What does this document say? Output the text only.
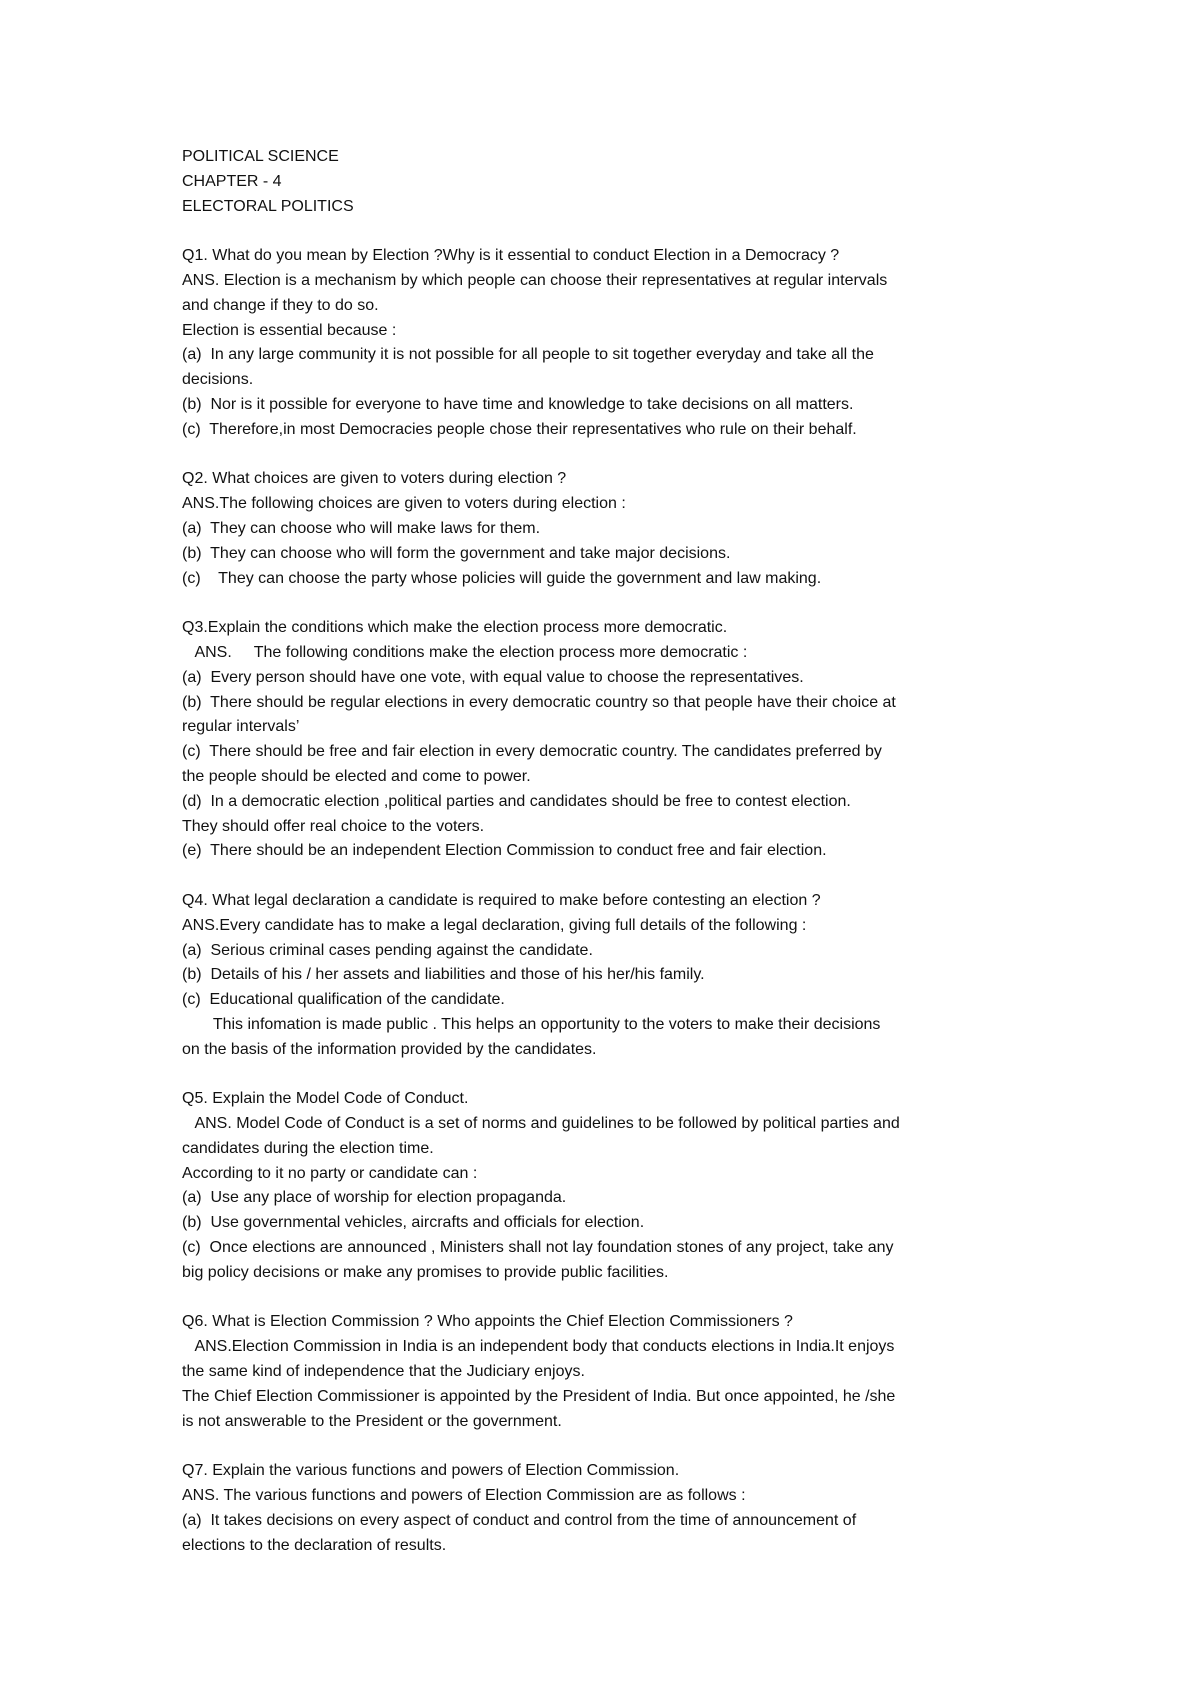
POLITICAL SCIENCE
CHAPTER - 4
ELECTORAL POLITICS
Q1. What do you mean by Election ?Why is it essential to conduct Election in a Democracy ?
ANS. Election is a mechanism by which people can choose their representatives at regular intervals
and change if they to do so.
Election is essential because :
(a)  In any large community it is not possible for all people to sit together everyday and take all the
decisions.
(b)  Nor is it possible for everyone to have time and knowledge to take decisions on all matters.
(c)  Therefore,in most Democracies people chose their representatives who rule on their behalf.
Q2. What choices are given to voters during election ?
ANS.The following choices are given to voters during election :
(a)  They can choose who will make laws for them.
(b)  They can choose who will form the government and take major decisions.
(c)    They can choose the party whose policies will guide the government and law making.
Q3.Explain the conditions which make the election process more democratic.
ANS.     The following conditions make the election process more democratic :
(a)  Every person should have one vote, with equal value to choose the representatives.
(b)  There should be regular elections in every democratic country so that people have their choice at
regular intervals’
(c)  There should be free and fair election in every democratic country. The candidates preferred by
the people should be elected and come to power.
(d)  In a democratic election ,political parties and candidates should be free to contest election.
They should offer real choice to the voters.
(e)  There should be an independent Election Commission to conduct free and fair election.
Q4. What legal declaration a candidate is required to make before contesting an election ?
ANS.Every candidate has to make a legal declaration, giving full details of the following :
(a)  Serious criminal cases pending against the candidate.
(b)  Details of his / her assets and liabilities and those of his her/his family.
(c)  Educational qualification of the candidate.
This infomation is made public . This helps an opportunity to the voters to make their decisions
on the basis of the information provided by the candidates.
Q5. Explain the Model Code of Conduct.
ANS. Model Code of Conduct is a set of norms and guidelines to be followed by political parties and
candidates during the election time.
According to it no party or candidate can :
(a)  Use any place of worship for election propaganda.
(b)  Use governmental vehicles, aircrafts and officials for election.
(c)  Once elections are announced , Ministers shall not lay foundation stones of any project, take any
big policy decisions or make any promises to provide public facilities.
Q6. What is Election Commission ? Who appoints the Chief Election Commissioners ?
ANS.Election Commission in India is an independent body that conducts elections in India.It enjoys
the same kind of independence that the Judiciary enjoys.
The Chief Election Commissioner is appointed by the President of India. But once appointed, he /she
is not answerable to the President or the government.
Q7. Explain the various functions and powers of Election Commission.
ANS. The various functions and powers of Election Commission are as follows :
(a)  It takes decisions on every aspect of conduct and control from the time of announcement of
elections to the declaration of results.
